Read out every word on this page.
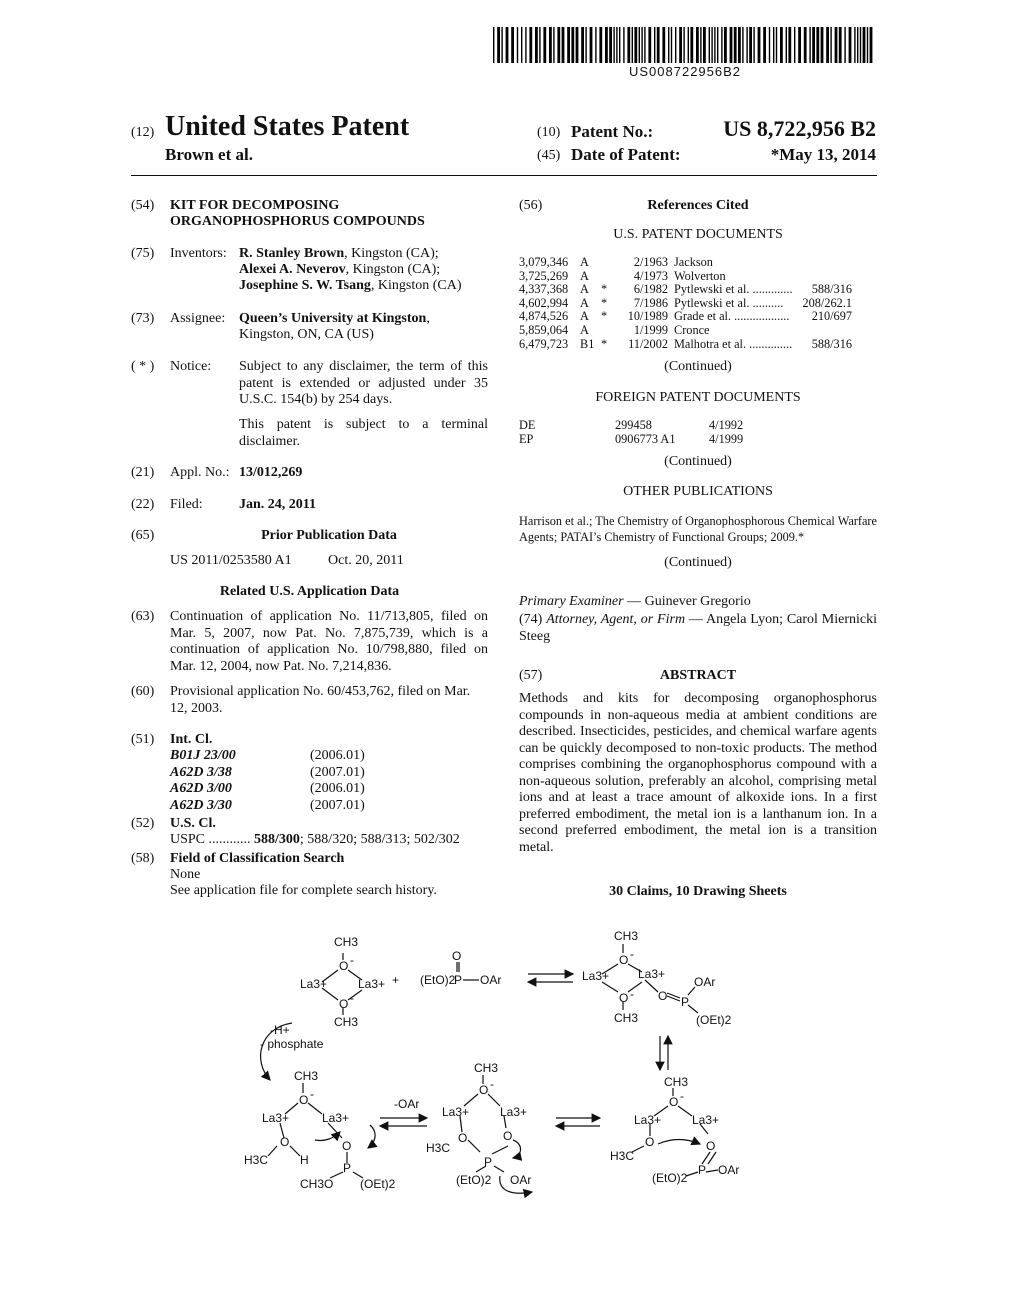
US008722956B2
(12) United States Patent
Brown et al.
(10) Patent No.:	US 8,722,956 B2
(45) Date of Patent:	*May 13, 2014
(54) KIT FOR DECOMPOSING
ORGANOPHOSPHORUS COMPOUNDS
(75) Inventors: R. Stanley Brown, Kingston (CA);
Alexei A. Neverov, Kingston (CA);
Josephine S. W. Tsang, Kingston (CA)
(73) Assignee: Queen’s University at Kingston,
Kingston, ON, CA (US)
( * ) Notice: Subject to any disclaimer, the term of this patent is extended or adjusted under 35 U.S.C. 154(b) by 254 days.
This patent is subject to a terminal disclaimer.
(21) Appl. No.: 13/012,269
(22) Filed:	Jan. 24, 2011
(65)	Prior Publication Data
US 2011/0253580 A1	Oct. 20, 2011
Related U.S. Application Data
(63) Continuation of application No. 11/713,805, filed on Mar. 5, 2007, now Pat. No. 7,875,739, which is a continuation of application No. 10/798,880, filed on Mar. 12, 2004, now Pat. No. 7,214,836.
(60) Provisional application No. 60/453,762, filed on Mar. 12, 2003.
(51) Int. Cl.
B01J 23/00	(2006.01)
A62D 3/38	(2007.01)
A62D 3/00	(2006.01)
A62D 3/30	(2007.01)
(52) U.S. Cl.
USPC ............ 588/300; 588/320; 588/313; 502/302
(58) Field of Classification Search
None
See application file for complete search history.
(56)	References Cited
U.S. PATENT DOCUMENTS
3,079,346	A		2/1963	Jackson	
3,725,269	A		4/1973	Wolverton	
4,337,368	A	*	6/1982	Pytlewski et al. .............	588/316
4,602,994	A	*	7/1986	Pytlewski et al. ..........	208/262.1
4,874,526	A	*	10/1989	Grade et al. ..................	210/697
5,859,064	A		1/1999	Cronce	
6,479,723	B1	*	11/2002	Malhotra et al. ..............	588/316
(Continued)
FOREIGN PATENT DOCUMENTS
DE	299458	4/1992
EP	0906773 A1	4/1999
(Continued)
OTHER PUBLICATIONS
Harrison et al.; The Chemistry of Organophosphorous Chemical Warfare Agents; PATAI’s Chemistry of Functional Groups; 2009.*
(Continued)
Primary Examiner — Guinever Gregorio
(74) Attorney, Agent, or Firm — Angela Lyon; Carol Miernicki Steeg
(57)	ABSTRACT
Methods and kits for decomposing organophosphorus compounds in non-aqueous media at ambient conditions are described. Insecticides, pesticides, and chemical warfare agents can be quickly decomposed to non-toxic products. The method comprises combining the organophosphorus compound with a non-aqueous solution, preferably an alcohol, comprising metal ions and at least a trace amount of alkoxide ions. In a first preferred embodiment, the metal ion is a lanthanum ion. In a second preferred embodiment, the metal ion is a transition metal.
30 Claims, 10 Drawing Sheets
CH3
O -
La3+	La3+
O -
CH3
+
O
(EtO)2
P OAr
CH3
O -
La3+ La3+
O -
CH3
O P
OAr
(OEt)2
-H+
- phosphate
CH3
O -
La3+	La3+
O
H3C	H
O
P
CH3O (OEt)2
-OAr
CH3
O -
La3+	La3+
O
H3C
O
P
(EtO)2 OAr
CH3
O -
La3+	La3+
O
H3C
O
P
(EtO)2
OAr
